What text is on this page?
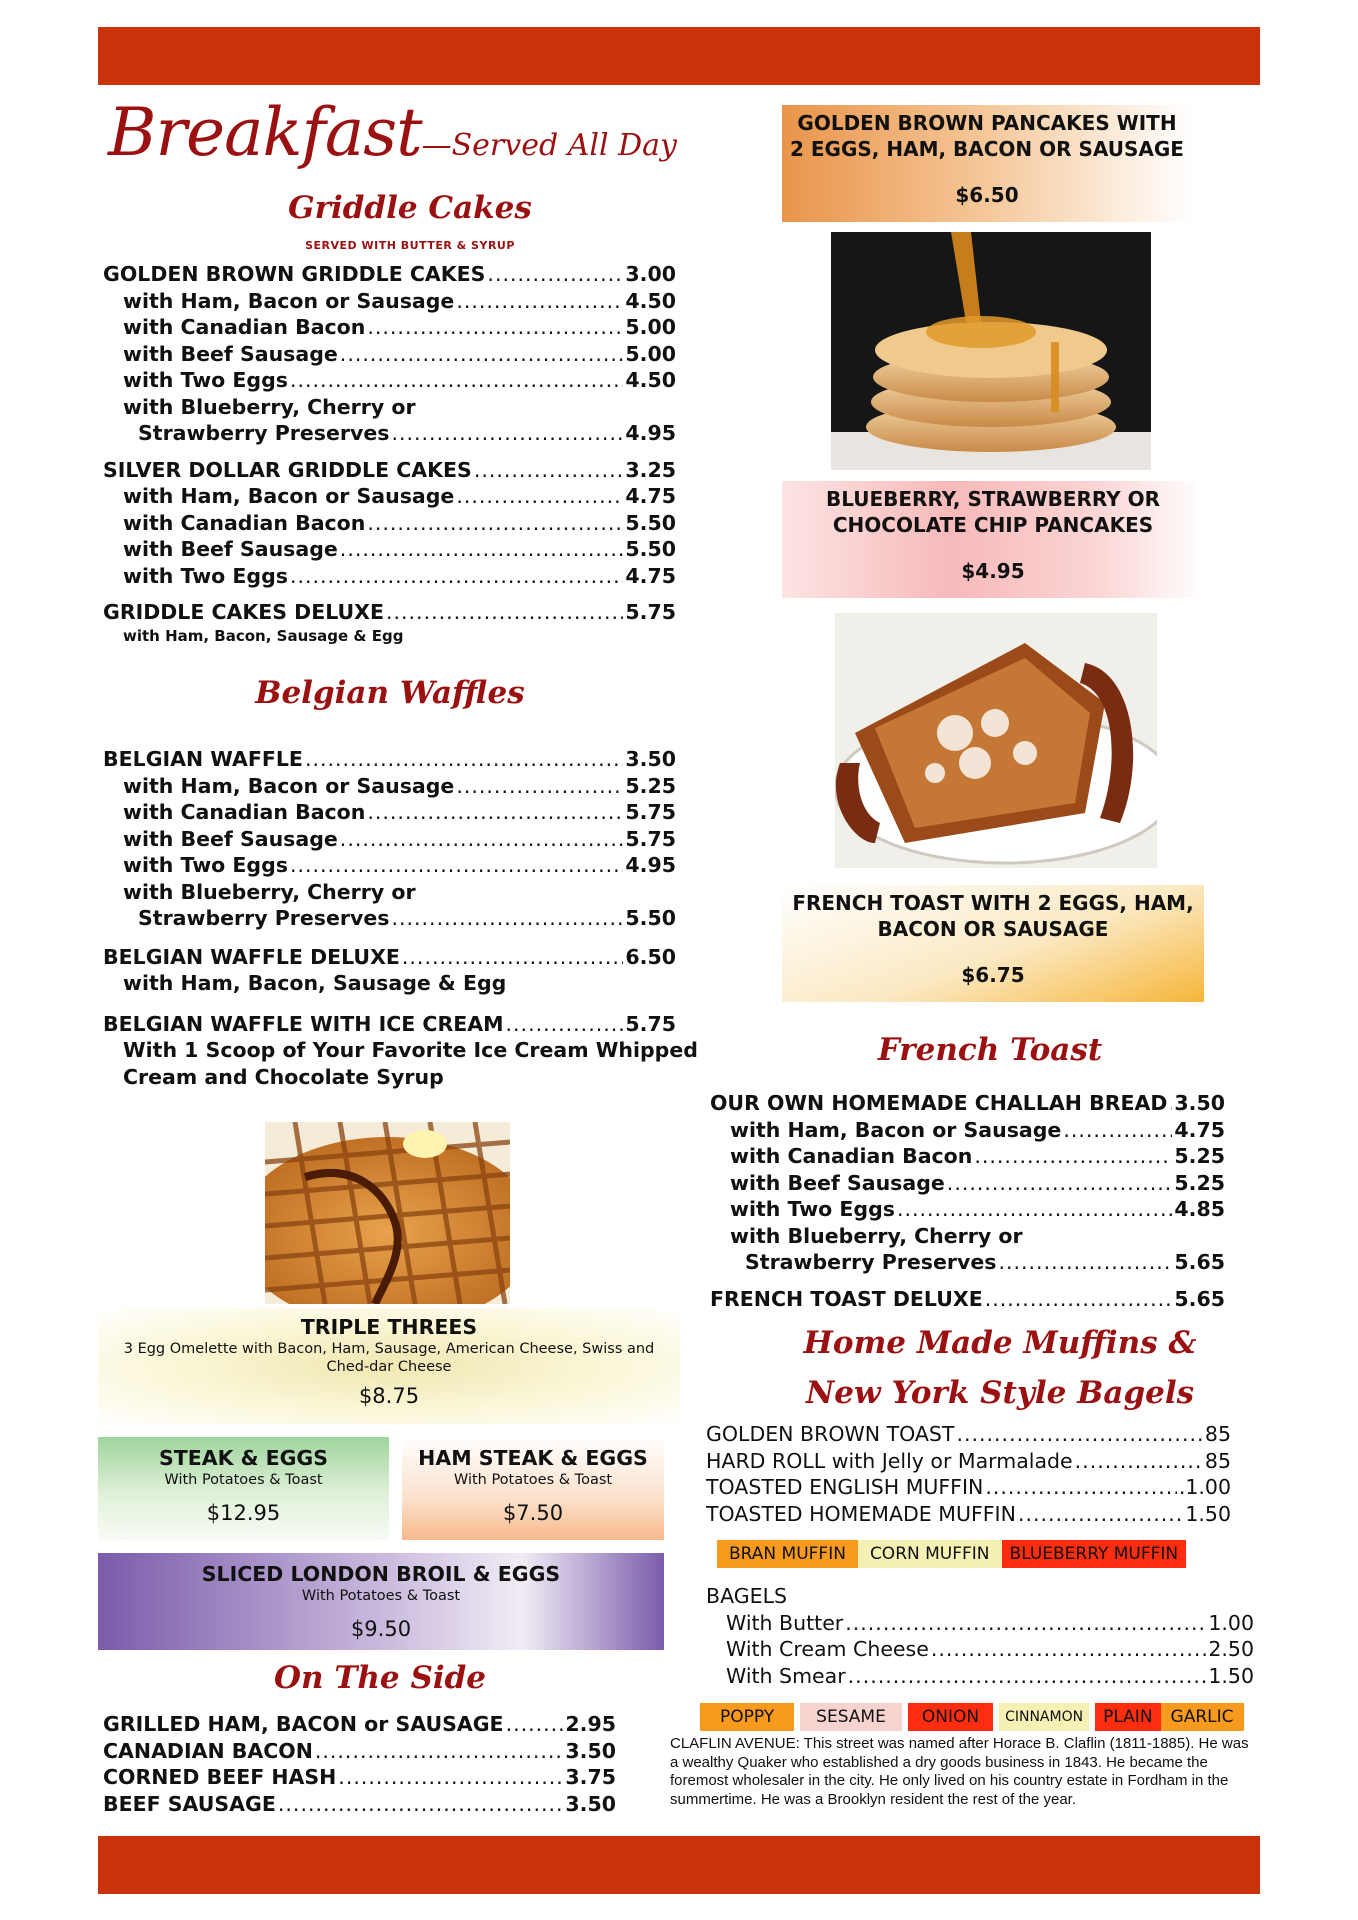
Breakfast—Served All Day
Griddle Cakes
SERVED WITH BUTTER & SYRUP
GOLDEN BROWN GRIDDLE CAKES .....	3.00
with Ham, Bacon or Sausage .....	4.50
with Canadian Bacon .....	5.00
with Beef Sausage .....	5.00
with Two Eggs .....	4.50
with Blueberry, Cherry or
Strawberry Preserves .....	4.95
SILVER DOLLAR GRIDDLE CAKES .....	3.25
with Ham, Bacon or Sausage .....	4.75
with Canadian Bacon .....	5.50
with Beef Sausage .....	5.50
with Two Eggs .....	4.75
GRIDDLE CAKES DELUXE .....	5.75
with Ham, Bacon, Sausage & Egg
Belgian Waffles
BELGIAN WAFFLE .....	3.50
with Ham, Bacon or Sausage .....	5.25
with Canadian Bacon .....	5.75
with Beef Sausage .....	5.75
with Two Eggs .....	4.95
with Blueberry, Cherry or
Strawberry Preserves .....	5.50
BELGIAN WAFFLE DELUXE .....	6.50
with Ham, Bacon, Sausage & Egg
BELGIAN WAFFLE WITH ICE CREAM .....	5.75
With 1 Scoop of Your Favorite Ice Cream Whipped
Cream and Chocolate Syrup
TRIPLE THREES
3 Egg Omelette with Bacon, Ham, Sausage, American Cheese, Swiss and Ched-dar Cheese
$8.75
STEAK & EGGS
With Potatoes & Toast
$12.95
HAM STEAK & EGGS
With Potatoes & Toast
$7.50
SLICED LONDON BROIL & EGGS
With Potatoes & Toast
$9.50
On The Side
GRILLED HAM, BACON or SAUSAGE .....	2.95
CANADIAN BACON .....	3.50
CORNED BEEF HASH .....	3.75
BEEF SAUSAGE .....	3.50
GOLDEN BROWN PANCAKES WITH
2 EGGS, HAM, BACON OR SAUSAGE
$6.50
BLUEBERRY, STRAWBERRY OR
CHOCOLATE CHIP PANCAKES
$4.95
FRENCH TOAST WITH 2 EGGS, HAM,
BACON OR SAUSAGE
$6.75
French Toast
OUR OWN HOMEMADE CHALLAH BREAD ..... 3.50
with Ham, Bacon or Sausage .....	4.75
with Canadian Bacon .....	5.25
with Beef Sausage .....	5.25
with Two Eggs .....	4.85
with Blueberry, Cherry or
Strawberry Preserves .....	5.65
FRENCH TOAST DELUXE .....	5.65
Home Made Muffins &
New York Style Bagels
GOLDEN BROWN TOAST .....	85
HARD ROLL with Jelly or Marmalade .....	85
TOASTED ENGLISH MUFFIN .....	.1.00
TOASTED HOMEMADE MUFFIN .....	1.50
BRAN MUFFIN	CORN MUFFIN	BLUEBERRY MUFFIN
BAGELS
With Butter .....	1.00
With Cream Cheese .....	2.50
With Smear .....	1.50
POPPY	SESAME	ONION	CINNAMON	PLAIN	GARLIC
CLAFLIN AVENUE: This street was named after Horace B. Claflin (1811-1885). He was a wealthy Quaker who established a dry goods business in 1843. He became the foremost wholesaler in the city. He only lived on his country estate in Fordham in the summertime. He was a Brooklyn resident the rest of the year.
